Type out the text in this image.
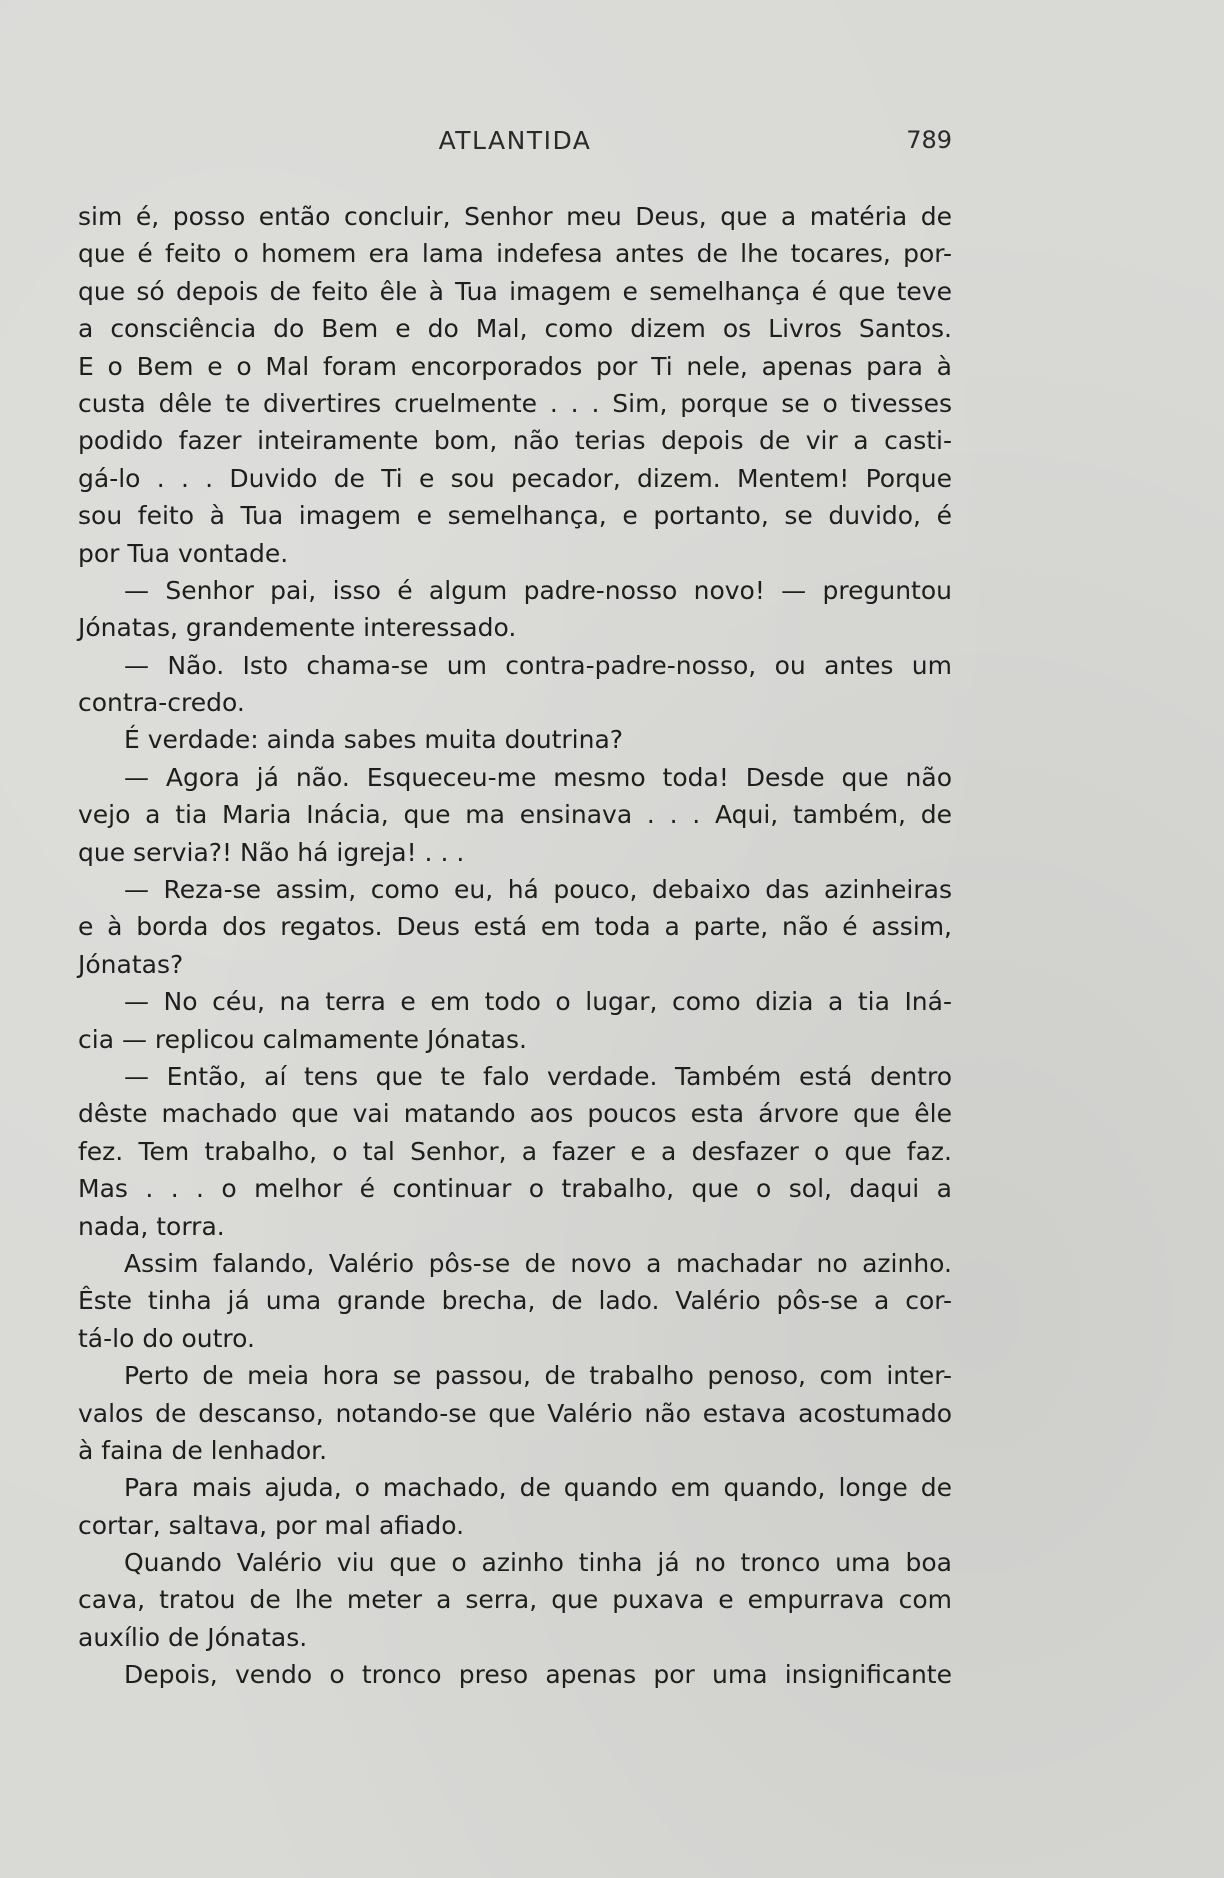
ATLANTIDA	789
sim é, posso então concluir, Senhor meu Deus, que a matéria de
que é feito o homem era lama indefesa antes de lhe tocares, por-
que só depois de feito êle à Tua imagem e semelhança é que teve
a consciência do Bem e do Mal, como dizem os Livros Santos.
E o Bem e o Mal foram encorporados por Ti nele, apenas para à
custa dêle te divertires cruelmente . . . Sim, porque se o tivesses
podido fazer inteiramente bom, não terias depois de vir a casti-
gá-lo . . . Duvido de Ti e sou pecador, dizem. Mentem! Porque
sou feito à Tua imagem e semelhança, e portanto, se duvido, é
por Tua vontade.
— Senhor pai, isso é algum padre-nosso novo! — preguntou
Jónatas, grandemente interessado.
— Não. Isto chama-se um contra-padre-nosso, ou antes um
contra-credo.
É verdade: ainda sabes muita doutrina?
— Agora já não. Esqueceu-me mesmo toda! Desde que não
vejo a tia Maria Inácia, que ma ensinava . . . Aqui, também, de
que servia?! Não há igreja! . . .
— Reza-se assim, como eu, há pouco, debaixo das azinheiras
e à borda dos regatos. Deus está em toda a parte, não é assim,
Jónatas?
— No céu, na terra e em todo o lugar, como dizia a tia Iná-
cia — replicou calmamente Jónatas.
— Então, aí tens que te falo verdade. Também está dentro
dêste machado que vai matando aos poucos esta árvore que êle
fez. Tem trabalho, o tal Senhor, a fazer e a desfazer o que faz.
Mas . . . o melhor é continuar o trabalho, que o sol, daqui a
nada, torra.
Assim falando, Valério pôs-se de novo a machadar no azinho.
Êste tinha já uma grande brecha, de lado. Valério pôs-se a cor-
tá-lo do outro.
Perto de meia hora se passou, de trabalho penoso, com inter-
valos de descanso, notando-se que Valério não estava acostumado
à faina de lenhador.
Para mais ajuda, o machado, de quando em quando, longe de
cortar, saltava, por mal afiado.
Quando Valério viu que o azinho tinha já no tronco uma boa
cava, tratou de lhe meter a serra, que puxava e empurrava com
auxílio de Jónatas.
Depois, vendo o tronco preso apenas por uma insignificante
